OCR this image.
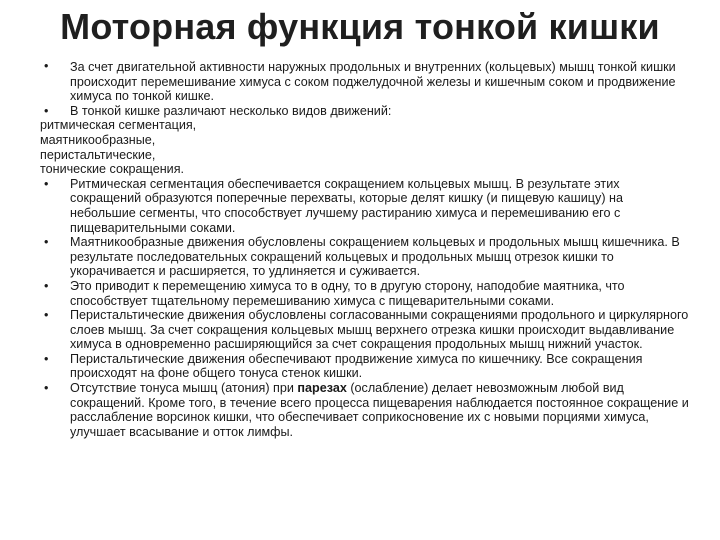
Моторная функция тонкой кишки
• За счет двигательной активности наружных продольных и внутренних (кольцевых) мышц тонкой кишки происходит перемешивание химуса с соком поджелудочной железы и кишечным соком и продвижение химуса по тонкой кишке.
• В тонкой кишке различают несколько видов движений:
ритмическая сегментация,
маятникообразные,
перистальтические,
тонические сокращения.
• Ритмическая сегментация обеспечивается сокращением кольцевых мышц. В результате этих сокращений образуются поперечные перехваты, которые делят кишку (и пищевую кашицу) на небольшие сегменты, что способствует лучшему растиранию химуса и перемешиванию его с пищеварительными соками.
• Маятникообразные движения обусловлены сокращением кольцевых и продольных мышц кишечника. В результате последовательных сокращений кольцевых и продольных мышц отрезок кишки то укорачивается и расширяется, то удлиняется и суживается.
• Это приводит к перемещению химуса то в одну, то в другую сторону, наподобие маятника, что способствует тщательному перемешиванию химуса с пищеварительными соками.
• Перистальтические движения обусловлены согласованными сокращениями продольного и циркулярного слоев мышц. За счет сокращения кольцевых мышц верхнего отрезка кишки происходит выдавливание химуса в одновременно расширяющийся за счет сокращения продольных мышц нижний участок.
• Перистальтические движения обеспечивают продвижение химуса по кишечнику. Все сокращения происходят на фоне общего тонуса стенок кишки.
• Отсутствие тонуса мышц (атония) при парезах (ослабление) делает невозможным любой вид сокращений. Кроме того, в течение всего процесса пищеварения наблюдается постоянное сокращение и расслабление ворсинок кишки, что обеспечивает соприкосновение их с новыми порциями химуса, улучшает всасывание и отток лимфы.
